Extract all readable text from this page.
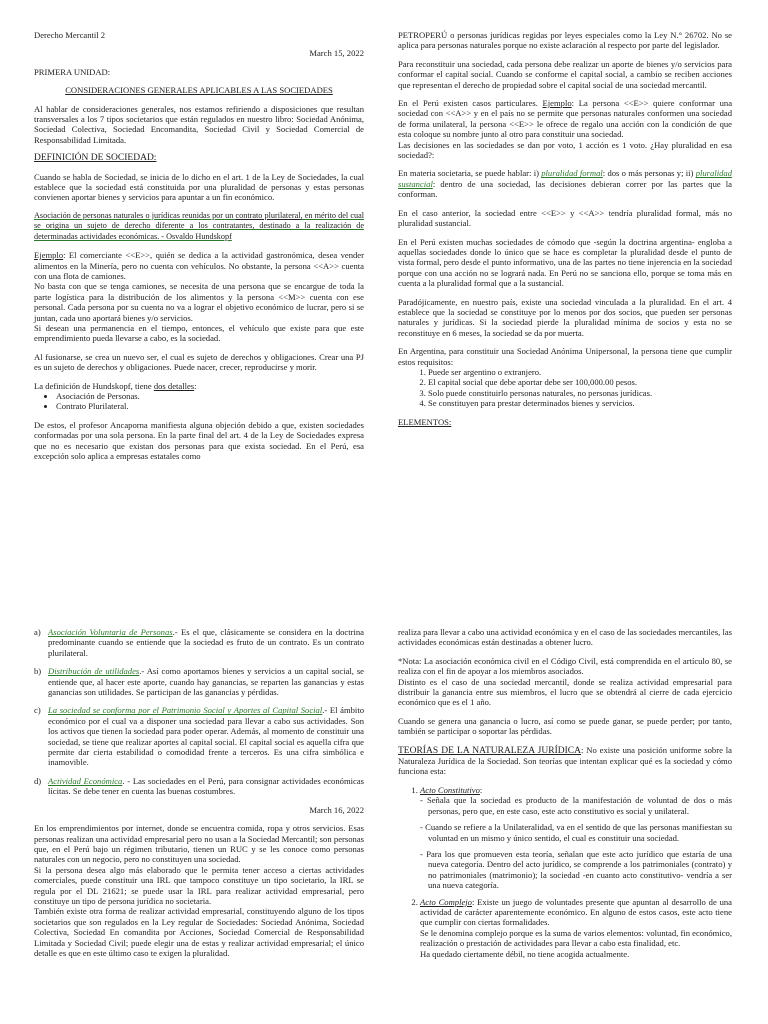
Derecho Mercantil 2

March 15, 2022

PRIMERA UNIDAD:

CONSIDERACIONES GENERALES APLICABLES A LAS SOCIEDADES

Al hablar de consideraciones generales, nos estamos refiriendo a disposiciones que resultan transversales a los 7 tipos societarios que están regulados en nuestro libro: Sociedad Anónima, Sociedad Colectiva, Sociedad Encomandita, Sociedad Civil y Sociedad Comercial de Responsabilidad Limitada.

DEFINICIÓN DE SOCIEDAD:

Cuando se habla de Sociedad, se inicia de lo dicho en el art. 1 de la Ley de Sociedades, la cual establece que la sociedad está constituida por una pluralidad de personas y estas personas convienen aportar bienes y servicios para apuntar a un fin económico.

Asociación de personas naturales o jurídicas reunidas por un contrato plurilateral, en mérito del cual se origina un sujeto de derecho diferente a los contratantes, destinado a la realización de determinadas actividades económicas. - Osvaldo Hundskopf

Ejemplo: El comerciante <<E>>, quién se dedica a la actividad gastronómica, desea vender alimentos en la Minería, pero no cuenta con vehículos. No obstante, la persona <<A>> cuenta con una flota de camiones.

No basta con que se tenga camiones, se necesita de una persona que se encargue de toda la parte logística para la distribución de los alimentos y la persona <<M>> cuenta con ese personal. Cada persona por su cuenta no va a lograr el objetivo económico de lucrar, pero si se juntan, cada uno aportará bienes y/o servicios.

Si desean una permanencia en el tiempo, entonces, el vehículo que existe para que este emprendimiento pueda llevarse a cabo, es la sociedad.

Al fusionarse, se crea un nuevo ser, el cual es sujeto de derechos y obligaciones. Crear una PJ es un sujeto de derechos y obligaciones. Puede nacer, crecer, reproducirse y morir.

La definición de Hundskopf, tiene dos detalles:

• Asociación de Personas.
• Contrato Plurilateral.

De estos, el profesor Ancaporna manifiesta alguna objeción debido a que, existen sociedades conformadas por una sola persona. En la parte final del art. 4 de la Ley de Sociedades expresa que no es necesario que existan dos personas para que exista sociedad. En el Perú, esa excepción solo aplica a empresas estatales como

PETROPERÚ o personas jurídicas regidas por leyes especiales como la Ley N.° 26702. No se aplica para personas naturales porque no existe aclaración al respecto por parte del legislador.

Para reconstituir una sociedad, cada persona debe realizar un aporte de bienes y/o servicios para conformar el capital social. Cuando se conforme el capital social, a cambio se reciben acciones que representan el derecho de propiedad sobre el capital social de una sociedad mercantil.

En el Perú existen casos particulares. Ejemplo: La persona <<E>> quiere conformar una sociedad con <<A>> y en el país no se permite que personas naturales conformen una sociedad de forma unilateral, la persona <<E>> le ofrece de regalo una acción con la condición de que esta coloque su nombre junto al otro para constituir una sociedad.

Las decisiones en las sociedades se dan por voto, 1 acción es 1 voto. ¿Hay pluralidad en esa sociedad?:

En materia societaria, se puede hablar: i) pluralidad formal: dos o más personas y; ii) pluralidad sustancial: dentro de una sociedad, las decisiones debieran correr por las partes que la conforman.

En el caso anterior, la sociedad entre <<E>> y <<A>> tendría pluralidad formal, más no pluralidad sustancial.

En el Perú existen muchas sociedades de cómodo que -según la doctrina argentina- engloba a aquellas sociedades donde lo único que se hace es completar la pluralidad desde el punto de vista formal, pero desde el punto informativo, una de las partes no tiene injerencia en la sociedad porque con una acción no se logrará nada. En Perú no se sanciona ello, porque se toma más en cuenta a la pluralidad formal que a la sustancial.

Paradójicamente, en nuestro país, existe una sociedad vinculada a la pluralidad. En el art. 4 establece que la sociedad se constituye por lo menos por dos socios, que pueden ser personas naturales y jurídicas. Si la sociedad pierde la pluralidad mínima de socios y esta no se reconstituye en 6 meses, la sociedad se da por muerta.

En Argentina, para constituir una Sociedad Anónima Unipersonal, la persona tiene que cumplir estos requisitos:

1. Puede ser argentino o extranjero.
2. El capital social que debe aportar debe ser 100,000.00 pesos.
3. Solo puede constituirlo personas naturales, no personas jurídicas.
4. Se constituyen para prestar determinados bienes y servicios.

ELEMENTOS:

a) Asociación Voluntaria de Personas.- Es el que, clásicamente se considera en la doctrina predominante cuando se entiende que la sociedad es fruto de un contrato. Es un contrato plurilateral.
b) Distribución de utilidades.- Así como aportamos bienes y servicios a un capital social, se entiende que, al hacer este aporte, cuando hay ganancias, se reparten las ganancias y estas ganancias son utilidades. Se participan de las ganancias y pérdidas.
c) La sociedad se conforma por el Patrimonio Social y Aportes al Capital Social.- El ámbito económico por el cual va a disponer una sociedad para llevar a cabo sus actividades. Son los activos que tienen la sociedad para poder operar. Además, al momento de constituir una sociedad, se tiene que realizar aportes al capital social. El capital social es aquella cifra que permite dar cierta estabilidad o comodidad frente a terceros. Es una cifra simbólica e inamovible.
d) Actividad Económica. - Las sociedades en el Perú, para consignar actividades económicas lícitas. Se debe tener en cuenta las buenas costumbres.

March 16, 2022

En los emprendimientos por internet, donde se encuentra comida, ropa y otros servicios. Esas personas realizan una actividad empresarial pero no usan a la Sociedad Mercantil; son personas que, en el Perú bajo un régimen tributario, tienen un RUC y se les conoce como personas naturales con un negocio, pero no constituyen una sociedad.

Si la persona desea algo más elaborado que le permita tener acceso a ciertas actividades comerciales, puede constituir una IRL que tampoco constituye un tipo societario, la IRL se regula por el DL 21621; se puede usar la IRL para realizar actividad empresarial, pero constituye un tipo de persona jurídica no societaria.

También existe otra forma de realizar actividad empresarial, constituyendo alguno de los tipos societarios que son regulados en la Ley regular de Sociedades: Sociedad Anónima, Sociedad Colectiva, Sociedad En comandita por Acciones, Sociedad Comercial de Responsabilidad Limitada y Sociedad Civil; puede elegir una de estas y realizar actividad empresarial; el único detalle es que en este último caso te exigen la pluralidad.

realiza para llevar a cabo una actividad económica y en el caso de las sociedades mercantiles, las actividades económicas están destinadas a obtener lucro.

*Nota: La asociación económica civil en el Código Civil, está comprendida en el artículo 80, se realiza con el fin de apoyar a los miembros asociados.

Distinto es el caso de una sociedad mercantil, donde se realiza actividad empresarial para distribuir la ganancia entre sus miembros, el lucro que se obtendrá al cierre de cada ejercicio económico que es el 1 año.

Cuando se genera una ganancia o lucro, así como se puede ganar, se puede perder; por tanto, también se participar o soportar las pérdidas.

TEORÍAS DE LA NATURALEZA JURÍDICA: No existe una posición uniforme sobre la Naturaleza Jurídica de la Sociedad. Son teorías que intentan explicar qué es la sociedad y cómo funciona esta:

1. Acto Constitutivo:
- Señala que la sociedad es producto de la manifestación de voluntad de dos o más personas, pero que, en este caso, este acto constitutivo es social y unilateral.
- Cuando se refiere a la Unilateralidad, va en el sentido de que las personas manifiestan su voluntad en un mismo y único sentido, el cual es constituir una sociedad.
- Para los que promueven esta teoría, señalan que este acto jurídico que estaría de una nueva categoría. Dentro del acto jurídico, se comprende a los patrimoniales (contrato) y no patrimoniales (matrimonio); la sociedad -en cuanto acto constitutivo- vendría a ser una nueva categoría.
2. Acto Complejo: Existe un juego de voluntades presente que apuntan al desarrollo de una actividad de carácter aparentemente económico. En alguno de estos casos, este acto tiene que cumplir con ciertas formalidades.
Se le denomina complejo porque es la suma de varios elementos: voluntad, fin económico, realización o prestación de actividades para llevar a cabo esta finalidad, etc.
Ha quedado ciertamente débil, no tiene acogida actualmente.
